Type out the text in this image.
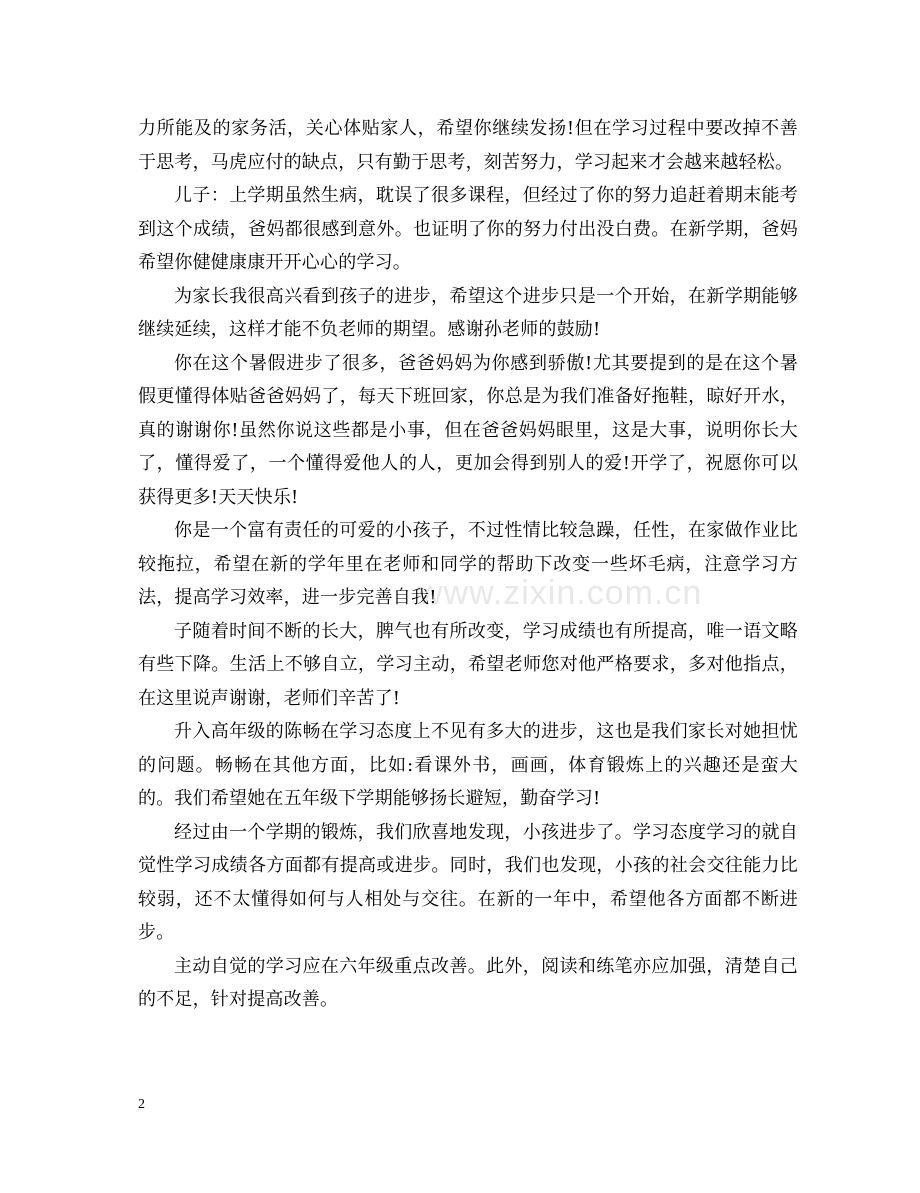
www.zixin.com.cn

力所能及的家务活，关心体贴家人，希望你继续发扬!但在学习过程中要改掉不善于思考，马虎应付的缺点，只有勤于思考，刻苦努力，学习起来才会越来越轻松。

儿子：上学期虽然生病，耽误了很多课程，但经过了你的努力追赶着期末能考到这个成绩，爸妈都很感到意外。也证明了你的努力付出没白费。在新学期，爸妈希望你健健康康开开心心的学习。

为家长我很高兴看到孩子的进步，希望这个进步只是一个开始，在新学期能够继续延续，这样才能不负老师的期望。感谢孙老师的鼓励!

你在这个暑假进步了很多，爸爸妈妈为你感到骄傲!尤其要提到的是在这个暑假更懂得体贴爸爸妈妈了，每天下班回家，你总是为我们准备好拖鞋，晾好开水，真的谢谢你!虽然你说这些都是小事，但在爸爸妈妈眼里，这是大事，说明你长大了，懂得爱了，一个懂得爱他人的人，更加会得到别人的爱!开学了，祝愿你可以获得更多!天天快乐!

你是一个富有责任的可爱的小孩子，不过性情比较急躁，任性，在家做作业比较拖拉，希望在新的学年里在老师和同学的帮助下改变一些坏毛病，注意学习方法，提高学习效率，进一步完善自我!

子随着时间不断的长大，脾气也有所改变，学习成绩也有所提高，唯一语文略有些下降。生活上不够自立，学习主动，希望老师您对他严格要求，多对他指点，在这里说声谢谢，老师们辛苦了!

升入高年级的陈畅在学习态度上不见有多大的进步，这也是我们家长对她担忧的问题。畅畅在其他方面，比如:看课外书，画画，体育锻炼上的兴趣还是蛮大的。我们希望她在五年级下学期能够扬长避短，勤奋学习!

经过由一个学期的锻炼，我们欣喜地发现，小孩进步了。学习态度学习的就自觉性学习成绩各方面都有提高或进步。同时，我们也发现，小孩的社会交往能力比较弱，还不太懂得如何与人相处与交往。在新的一年中，希望他各方面都不断进步。

主动自觉的学习应在六年级重点改善。此外，阅读和练笔亦应加强，清楚自己的不足，针对提高改善。

2
